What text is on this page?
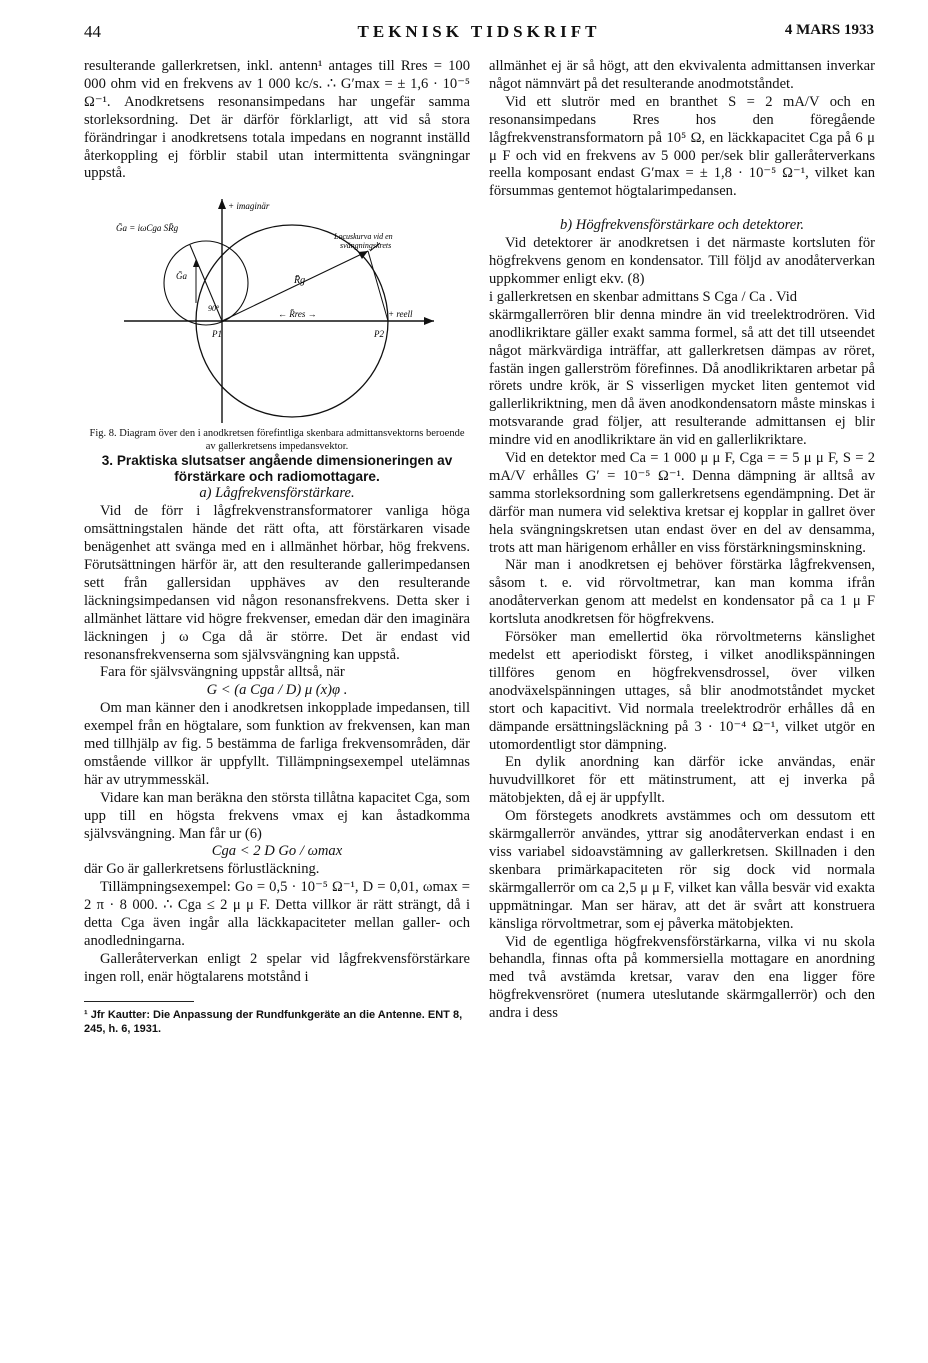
44	TEKNISK TIDSKRIFT	4 MARS 1933

resulterande gallerkretsen, inkl. antenn¹ antages till Rres = 100 000 ohm vid en frekvens av 1 000 kc/s. ∴ G′max = ± 1,6 · 10⁻⁵ Ω⁻¹. Anodkretsens resonansimpedans har ungefär samma storleksordning. Det är därför förklarligt, att vid så stora förändringar i anodkretsens totala impedans en nogrannt inställd återkoppling ej förblir stabil utan intermittenta svängningar uppstå.

+ imaginär
Ḡa = iωCga SR̄g
Locuskurva vid en
svängningskrets
R̄g
← R̄res →	+ reell
Ḡa
90°
P1	P2

Fig. 8. Diagram över den i anodkretsen förefintliga skenbara admittansvektorns beroende av gallerkretsens impedansvektor.

3. Praktiska slutsatser angående dimensioneringen av förstärkare och radiomottagare.

a) Lågfrekvensförstärkare.

Vid de förr i lågfrekvenstransformatorer vanliga höga omsättningstalen hände det rätt ofta, att förstärkaren visade benägenhet att svänga med en i allmänhet hörbar, hög frekvens. Förutsättningen härför är, att den resulterande gallerimpedansen sett från gallersidan upphäves av den resulterande läckningsimpedansen vid någon resonansfrekvens. Detta sker i allmänhet lättare vid högre frekvenser, emedan där den imaginära läckningen j ω Cga då är större. Det är endast vid resonansfrekvenserna som självsvängning kan uppstå.

Fara för självsvängning uppstår alltså, när

G < (a Cga / D) μ (x)φ .

Om man känner den i anodkretsen inkopplade impedansen, till exempel från en högtalare, som funktion av frekvensen, kan man med tillhjälp av fig. 5 bestämma de farliga frekvensområden, där omstående villkor är uppfyllt. Tillämpningsexempel utelämnas här av utrymmesskäl.

Vidare kan man beräkna den största tillåtna kapacitet Cga, som upp till en högsta frekvens νmax ej kan åstadkomma självsvängning. Man får ur (6)

Cga < 2 D Go / ωmax

där Go är gallerkretsens förlustläckning.

Tillämpningsexempel: Go = 0,5 · 10⁻⁵ Ω⁻¹, D = 0,01, ωmax = 2 π · 8 000. ∴ Cga ≤ 2 μ μ F. Detta villkor är rätt strängt, då i detta Cga även ingår alla läckkapaciteter mellan galler- och anodledningarna.

Galleråterverkan enligt 2 spelar vid lågfrekvensförstärkare ingen roll, enär högtalarens motstånd i

¹ Jfr Kautter: Die Anpassung der Rundfunkgeräte an die Antenne. ENT 8, 245, h. 6, 1931.

allmänhet ej är så högt, att den ekvivalenta admittansen inverkar något nämnvärt på det resulterande anodmotståndet.

Vid ett slutrör med en branthet S = 2 mA/V och en resonansimpedans Rres hos den föregående lågfrekvenstransformatorn på 10⁵ Ω, en läckkapacitet Cga på 6 μ μ F och vid en frekvens av 5 000 per/sek blir galleråterverkans reella komposant endast G′max = ± 1,8 · 10⁻⁵ Ω⁻¹, vilket kan försummas gentemot högtalarimpedansen.

b) Högfrekvensförstärkare och detektorer.

Vid detektorer är anodkretsen i det närmaste kortsluten för högfrekvens genom en kondensator. Till följd av anodåterverkan uppkommer enligt ekv. (8)

i gallerkretsen en skenbar admittans S Cga / Ca . Vid

skärmgallerrören blir denna mindre än vid treelektrodrören. Vid anodlikriktare gäller exakt samma formel, så att det till utseendet något märkvärdiga inträffar, att gallerkretsen dämpas av röret, fastän ingen gallerström förefinnes. Då anodlikriktaren arbetar på rörets undre krök, är S visserligen mycket liten gentemot vid gallerlikriktning, men då även anodkondensatorn måste minskas i motsvarande grad följer, att resulterande admittansen ej blir mindre vid en anodlikriktare än vid en gallerlikriktare.

Vid en detektor med Ca = 1 000 μ μ F, Cga = = 5 μ μ F, S = 2 mA/V erhålles G′ = 10⁻⁵ Ω⁻¹. Denna dämpning är alltså av samma storleksordning som gallerkretsens egendämpning. Det är därför man numera vid selektiva kretsar ej kopplar in gallret över hela svängningskretsen utan endast över en del av densamma, trots att man härigenom erhåller en viss förstärkningsminskning.

När man i anodkretsen ej behöver förstärka lågfrekvensen, såsom t. e. vid rörvoltmetrar, kan man komma ifrån anodåterverkan genom att medelst en kondensator på ca 1 μ F kortsluta anodkretsen för högfrekvens.

Försöker man emellertid öka rörvoltmeterns känslighet medelst ett aperiodiskt försteg, i vilket anodlikspänningen tillföres genom en högfrekvensdrossel, över vilken anodväxelspänningen uttages, så blir anodmotståndet mycket stort och kapacitivt. Vid normala treelektrodrör erhålles då en dämpande ersättningsläckning på 3 · 10⁻⁴ Ω⁻¹, vilket utgör en utomordentligt stor dämpning.

En dylik anordning kan därför icke användas, enär huvudvillkoret för ett mätinstrument, att ej inverka på mätobjekten, då ej är uppfyllt.

Om förstegets anodkrets avstämmes och om dessutom ett skärmgallerrör användes, yttrar sig anodåterverkan endast i en viss variabel sidoavstämning av gallerkretsen. Skillnaden i den skenbara primärkapaciteten rör sig dock vid normala skärmgallerrör om ca 2,5 μ μ F, vilket kan vålla besvär vid exakta uppmätningar. Man ser härav, att det är svårt att konstruera känsliga rörvoltmetrar, som ej påverka mätobjekten.

Vid de egentliga högfrekvensförstärkarna, vilka vi nu skola behandla, finnas ofta på kommersiella mottagare en anordning med två avstämda kretsar, varav den ena ligger före högfrekvensröret (numera uteslutande skärmgallerrör) och den andra i dess
